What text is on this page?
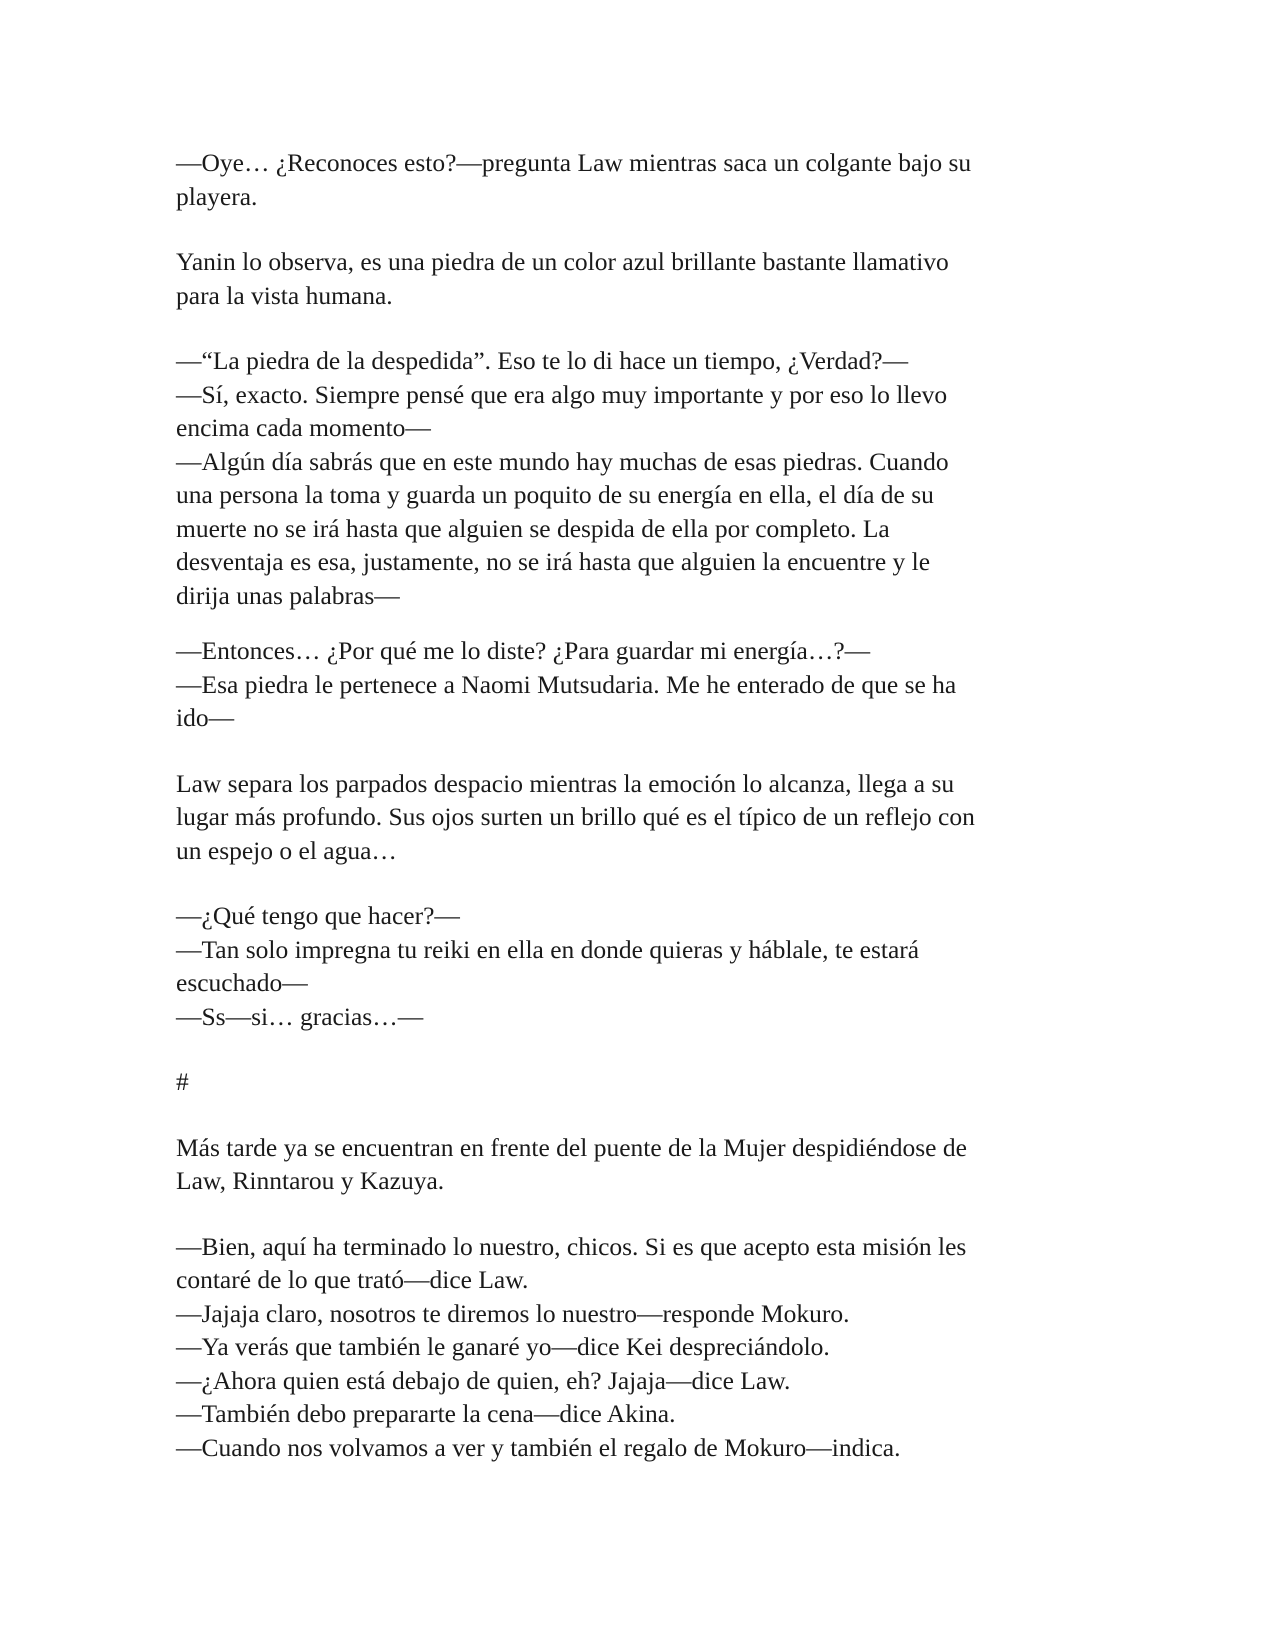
—Oye… ¿Reconoces esto?—pregunta Law mientras saca un colgante bajo su
playera.
Yanin lo observa, es una piedra de un color azul brillante bastante llamativo
para la vista humana.
—“La piedra de la despedida”. Eso te lo di hace un tiempo, ¿Verdad?—
—Sí, exacto. Siempre pensé que era algo muy importante y por eso lo llevo
encima cada momento—
—Algún día sabrás que en este mundo hay muchas de esas piedras. Cuando
una persona la toma y guarda un poquito de su energía en ella, el día de su
muerte no se irá hasta que alguien se despida de ella por completo. La
desventaja es esa, justamente, no se irá hasta que alguien la encuentre y le
dirija unas palabras—
—Entonces… ¿Por qué me lo diste? ¿Para guardar mi energía…?—
—Esa piedra le pertenece a Naomi Mutsudaria. Me he enterado de que se ha
ido—
Law separa los parpados despacio mientras la emoción lo alcanza, llega a su
lugar más profundo. Sus ojos surten un brillo qué es el típico de un reflejo con
un espejo o el agua…
—¿Qué tengo que hacer?—
—Tan solo impregna tu reiki en ella en donde quieras y háblale, te estará
escuchado—
—Ss—si… gracias…—
#
Más tarde ya se encuentran en frente del puente de la Mujer despidiéndose de
Law, Rinntarou y Kazuya.
—Bien, aquí ha terminado lo nuestro, chicos. Si es que acepto esta misión les
contaré de lo que trató—dice Law.
—Jajaja claro, nosotros te diremos lo nuestro—responde Mokuro.
—Ya verás que también le ganaré yo—dice Kei despreciándolo.
—¿Ahora quien está debajo de quien, eh? Jajaja—dice Law.
—También debo prepararte la cena—dice Akina.
—Cuando nos volvamos a ver y también el regalo de Mokuro—indica.
